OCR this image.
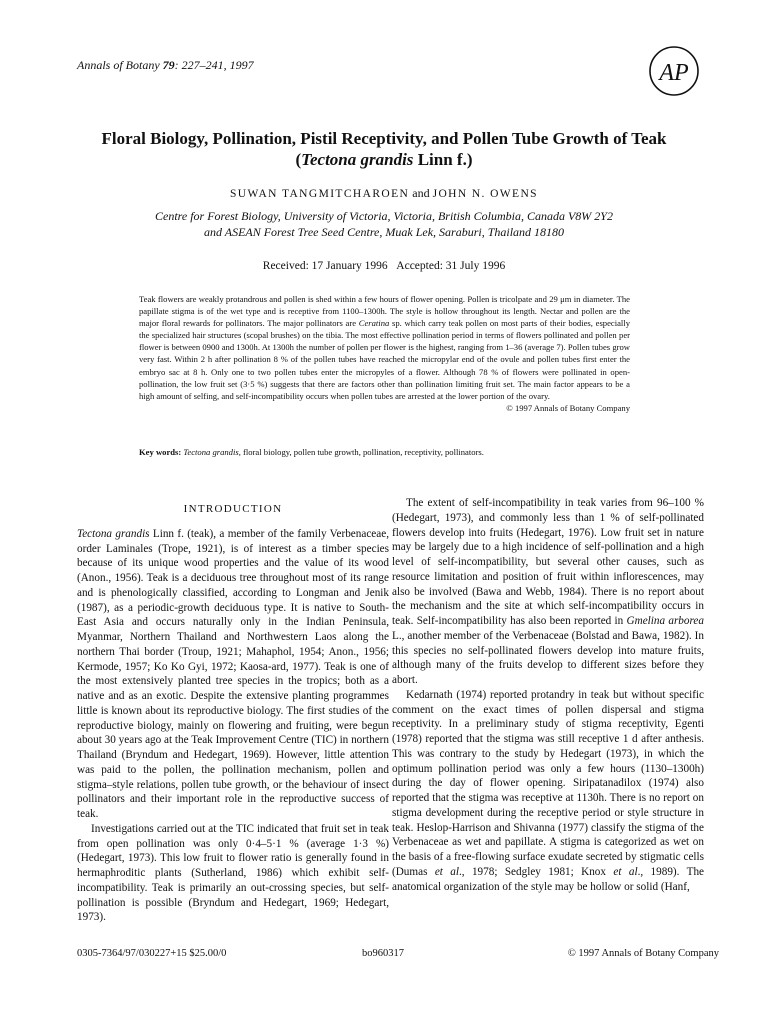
Annals of Botany 79: 227–241, 1997	AP
Floral Biology, Pollination, Pistil Receptivity, and Pollen Tube Growth of Teak
(Tectona grandis Linn f.)
SUWAN TANGMITCHAROEN and JOHN N. OWENS
Centre for Forest Biology, University of Victoria, Victoria, British Columbia, Canada V8W 2Y2
and ASEAN Forest Tree Seed Centre, Muak Lek, Saraburi, Thailand 18180
Received: 17 January 1996 Accepted: 31 July 1996
Teak flowers are weakly protandrous and pollen is shed within a few hours of flower opening. Pollen is tricolpate and 29 μm in diameter. The papillate stigma is of the wet type and is receptive from 1100–1300h. The style is hollow throughout its length. Nectar and pollen are the major floral rewards for pollinators. The major pollinators are Ceratina sp. which carry teak pollen on most parts of their bodies, especially the specialized hair structures (scopal brushes) on the tibia. The most effective pollination period in terms of flowers pollinated and pollen per flower is between 0900 and 1300h. At 1300h the number of pollen per flower is the highest, ranging from 1–36 (average 7). Pollen tubes grow very fast. Within 2 h after pollination 8 % of the pollen tubes have reached the micropylar end of the ovule and pollen tubes first enter the embryo sac at 8 h. Only one to two pollen tubes enter the micropyles of a flower. Although 78 % of flowers were pollinated in open-pollination, the low fruit set (3·5 %) suggests that there are factors other than pollination limiting fruit set. The main factor appears to be a high amount of selfing, and self-incompatibility occurs when pollen tubes are arrested at the lower portion of the ovary.
© 1997 Annals of Botany Company
Key words: Tectona grandis, floral biology, pollen tube growth, pollination, receptivity, pollinators.
INTRODUCTION

Tectona grandis Linn f. (teak), a member of the family Verbenaceae, order Laminales (Trope, 1921), is of interest as a timber species because of its unique wood properties and the value of its wood (Anon., 1956). Teak is a deciduous tree throughout most of its range and is phenologically classified, according to Longman and Jenik (1987), as a periodic-growth deciduous type. It is native to South-East Asia and occurs naturally only in the Indian Peninsula, Myanmar, Northern Thailand and Northwestern Laos along the northern Thai border (Troup, 1921; Mahaphol, 1954; Anon., 1956; Kermode, 1957; Ko Ko Gyi, 1972; Kaosa-ard, 1977). Teak is one of the most extensively planted tree species in the tropics; both as a native and as an exotic. Despite the extensive planting programmes little is known about its reproductive biology. The first studies of the reproductive biology, mainly on flowering and fruiting, were begun about 30 years ago at the Teak Improvement Centre (TIC) in northern Thailand (Bryndum and Hedegart, 1969). However, little attention was paid to the pollen, the pollination mechanism, pollen and stigma–style relations, pollen tube growth, or the behaviour of insect pollinators and their important role in the reproductive success of teak.

Investigations carried out at the TIC indicated that fruit set in teak from open pollination was only 0·4–5·1 % (average 1·3 %) (Hedegart, 1973). This low fruit to flower ratio is generally found in hermaphroditic plants (Sutherland, 1986) which exhibit self-incompatibility. Teak is primarily an out-crossing species, but self-pollination is possible (Bryndum and Hedegart, 1969; Hedegart, 1973).

The extent of self-incompatibility in teak varies from 96–100 % (Hedegart, 1973), and commonly less than 1 % of self-pollinated flowers develop into fruits (Hedegart, 1976). Low fruit set in nature may be largely due to a high incidence of self-pollination and a high level of self-incompatibility, but several other causes, such as resource limitation and position of fruit within inflorescences, may also be involved (Bawa and Webb, 1984). There is no report about the mechanism and the site at which self-incompatibility occurs in teak. Self-incompatibility has also been reported in Gmelina arborea L., another member of the Verbenaceae (Bolstad and Bawa, 1982). In this species no self-pollinated flowers develop into mature fruits, although many of the fruits develop to different sizes before they abort.

Kedarnath (1974) reported protandry in teak but without specific comment on the exact times of pollen dispersal and stigma receptivity. In a preliminary study of stigma receptivity, Egenti (1978) reported that the stigma was still receptive 1 d after anthesis. This was contrary to the study by Hedegart (1973), in which the optimum pollination period was only a few hours (1130–1300h) during the day of flower opening. Siripatanadilox (1974) also reported that the stigma was receptive at 1130h. There is no report on stigma development during the receptive period or style structure in teak. Heslop-Harrison and Shivanna (1977) classify the stigma of the Verbenaceae as wet and papillate. A stigma is categorized as wet on the basis of a free-flowing surface exudate secreted by stigmatic cells (Dumas et al., 1978; Sedgley 1981; Knox et al., 1989). The anatomical organization of the style may be hollow or solid (Hanf,

0305-7364/97/030227+15 $25.00/0	bo960317	© 1997 Annals of Botany Company
